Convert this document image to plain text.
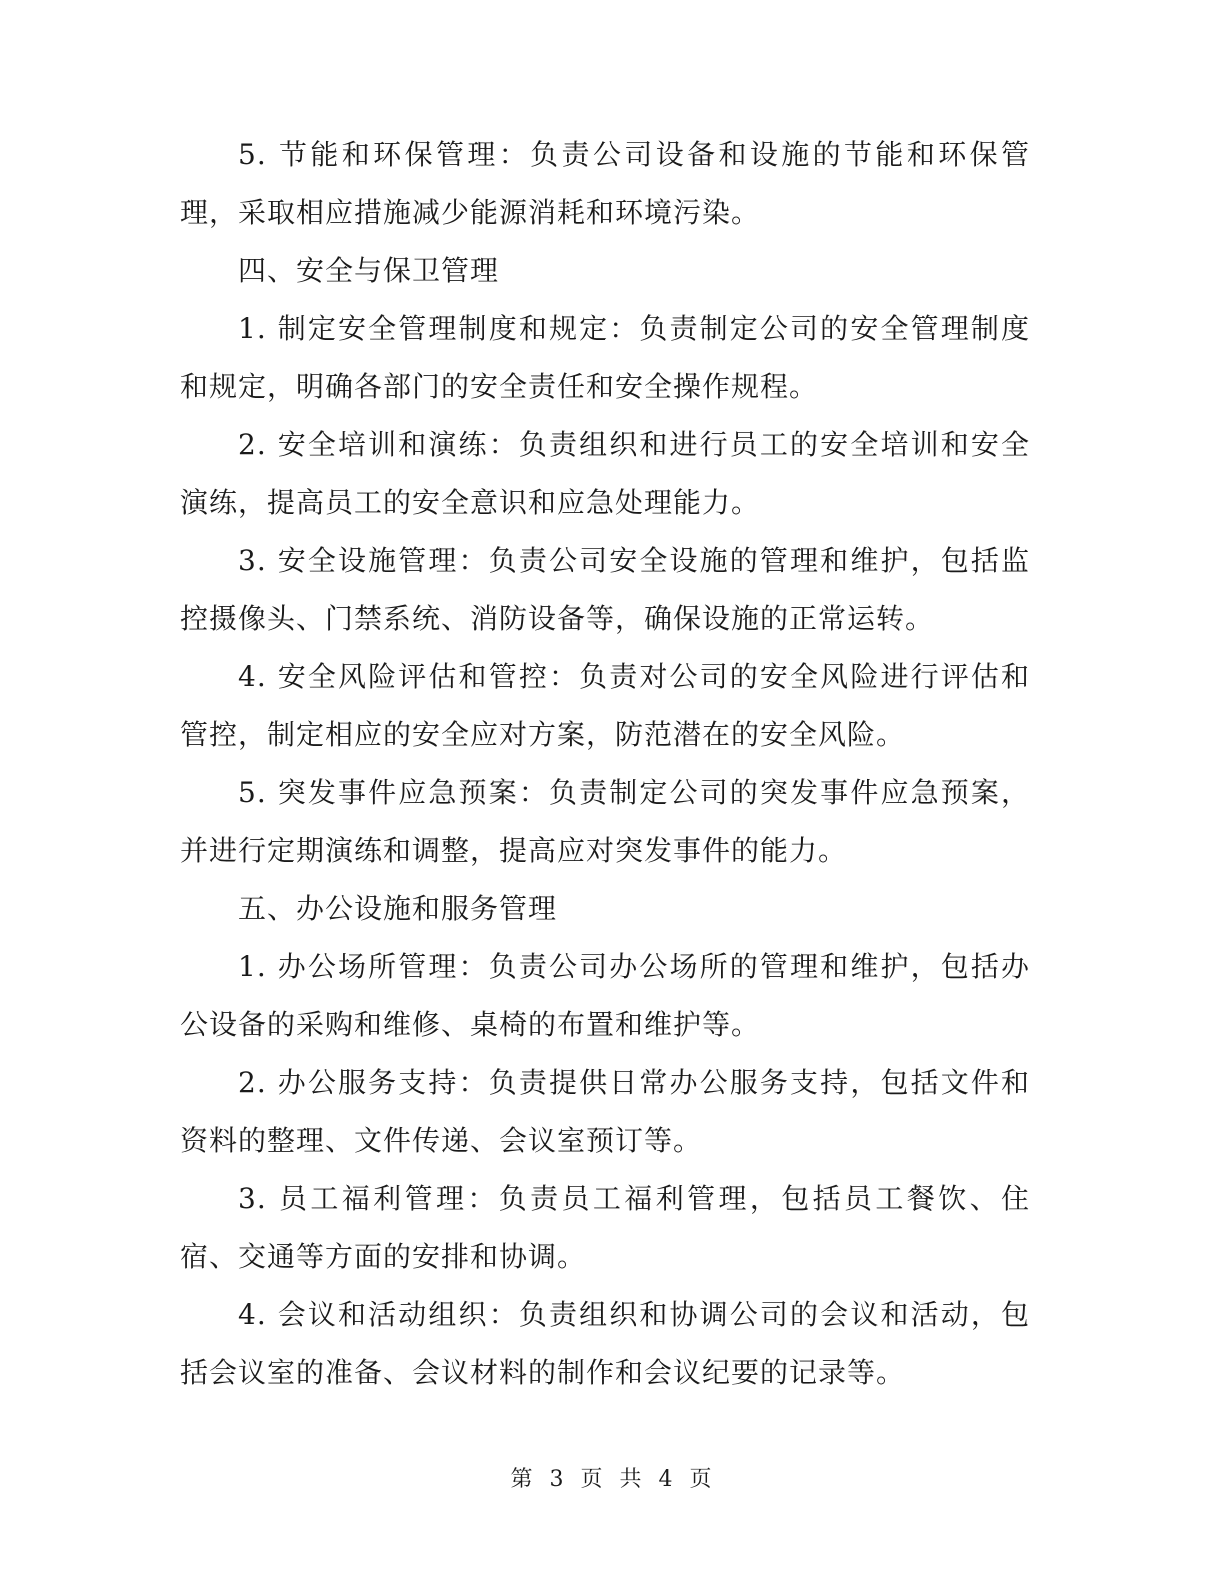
5. 节能和环保管理：负责公司设备和设施的节能和环保管理，采取相应措施减少能源消耗和环境污染。

四、安全与保卫管理

1. 制定安全管理制度和规定：负责制定公司的安全管理制度和规定，明确各部门的安全责任和安全操作规程。

2. 安全培训和演练：负责组织和进行员工的安全培训和安全演练，提高员工的安全意识和应急处理能力。

3. 安全设施管理：负责公司安全设施的管理和维护，包括监控摄像头、门禁系统、消防设备等，确保设施的正常运转。

4. 安全风险评估和管控：负责对公司的安全风险进行评估和管控，制定相应的安全应对方案，防范潜在的安全风险。

5. 突发事件应急预案：负责制定公司的突发事件应急预案，并进行定期演练和调整，提高应对突发事件的能力。

五、办公设施和服务管理

1. 办公场所管理：负责公司办公场所的管理和维护，包括办公设备的采购和维修、桌椅的布置和维护等。

2. 办公服务支持：负责提供日常办公服务支持，包括文件和资料的整理、文件传递、会议室预订等。

3. 员工福利管理：负责员工福利管理，包括员工餐饮、住宿、交通等方面的安排和协调。

4. 会议和活动组织：负责组织和协调公司的会议和活动，包括会议室的准备、会议材料的制作和会议纪要的记录等。

第 3 页 共 4 页
